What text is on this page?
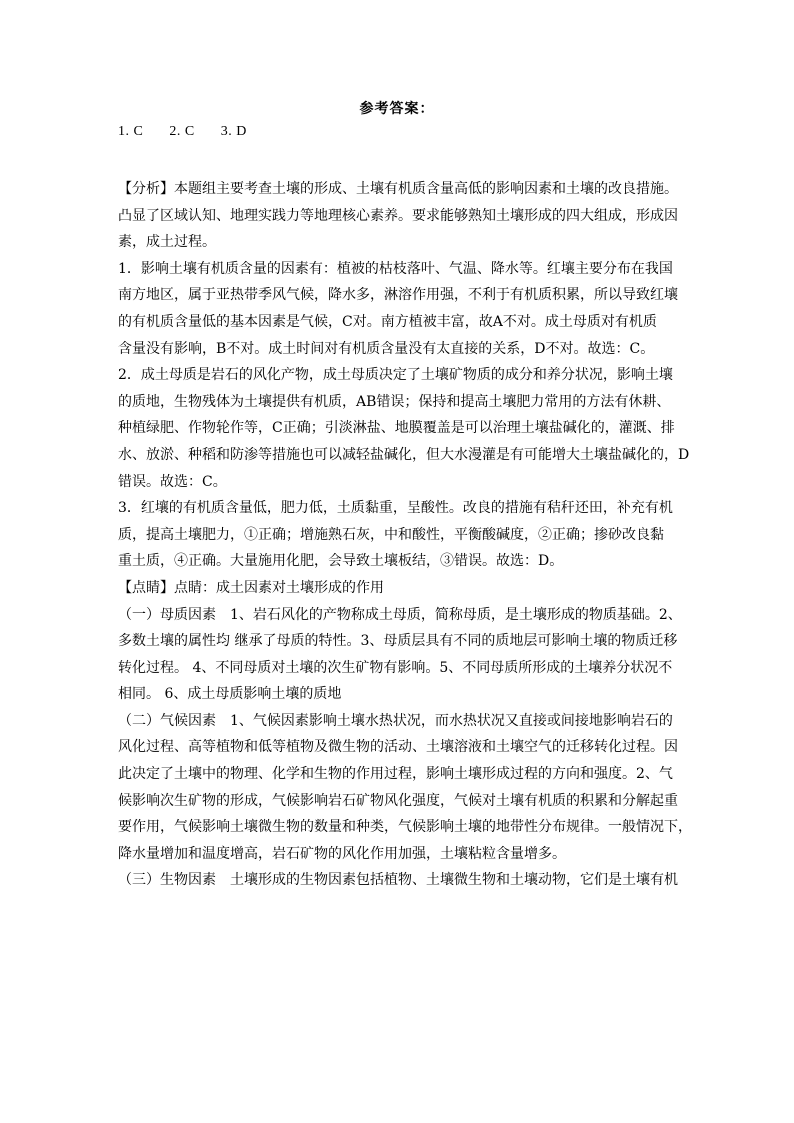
参考答案：
1. C 2. C 3. D
【分析】本题组主要考查土壤的形成、土壤有机质含量高低的影响因素和土壤的改良措施。
凸显了区域认知、地理实践力等地理核心素养。要求能够熟知土壤形成的四大组成，形成因
素，成土过程。
1．影响土壤有机质含量的因素有：植被的枯枝落叶、气温、降水等。红壤主要分布在我国
南方地区，属于亚热带季风气候，降水多，淋溶作用强，不利于有机质积累，所以导致红壤
的有机质含量低的基本因素是气候，C对。南方植被丰富，故A不对。成土母质对有机质
含量没有影响，B不对。成土时间对有机质含量没有太直接的关系，D不对。故选：C。
2．成土母质是岩石的风化产物，成土母质决定了土壤矿物质的成分和养分状况，影响土壤
的质地，生物残体为土壤提供有机质，AB错误；保持和提高土壤肥力常用的方法有休耕、
种植绿肥、作物轮作等，C正确；引淡淋盐、地膜覆盖是可以治理土壤盐碱化的，灌溉、排
水、放淤、种稻和防渗等措施也可以减轻盐碱化，但大水漫灌是有可能增大土壤盐碱化的，D
错误。故选：C。
3．红壤的有机质含量低，肥力低，土质黏重，呈酸性。改良的措施有秸秆还田，补充有机
质，提高土壤肥力，①正确；增施熟石灰，中和酸性，平衡酸碱度，②正确；掺砂改良黏
重土质，④正确。大量施用化肥，会导致土壤板结，③错误。故选：D。
【点睛】点睛：成土因素对土壤形成的作用
（一）母质因素　1、岩石风化的产物称成土母质，简称母质，是土壤形成的物质基础。2、
多数土壤的属性均 继承了母质的特性。3、母质层具有不同的质地层可影响土壤的物质迁移
转化过程。 4、不同母质对土壤的次生矿物有影响。5、不同母质所形成的土壤养分状况不
相同。 6、成土母质影响土壤的质地
（二）气候因素　1、气候因素影响土壤水热状况，而水热状况又直接或间接地影响岩石的
风化过程、高等植物和低等植物及微生物的活动、土壤溶液和土壤空气的迁移转化过程。因
此决定了土壤中的物理、化学和生物的作用过程，影响土壤形成过程的方向和强度。2、气
候影响次生矿物的形成，气候影响岩石矿物风化强度，气候对土壤有机质的积累和分解起重
要作用，气候影响土壤微生物的数量和种类，气候影响土壤的地带性分布规律。一般情况下，
降水量增加和温度增高，岩石矿物的风化作用加强，土壤粘粒含量增多。
（三）生物因素　土壤形成的生物因素包括植物、土壤微生物和土壤动物，它们是土壤有机
